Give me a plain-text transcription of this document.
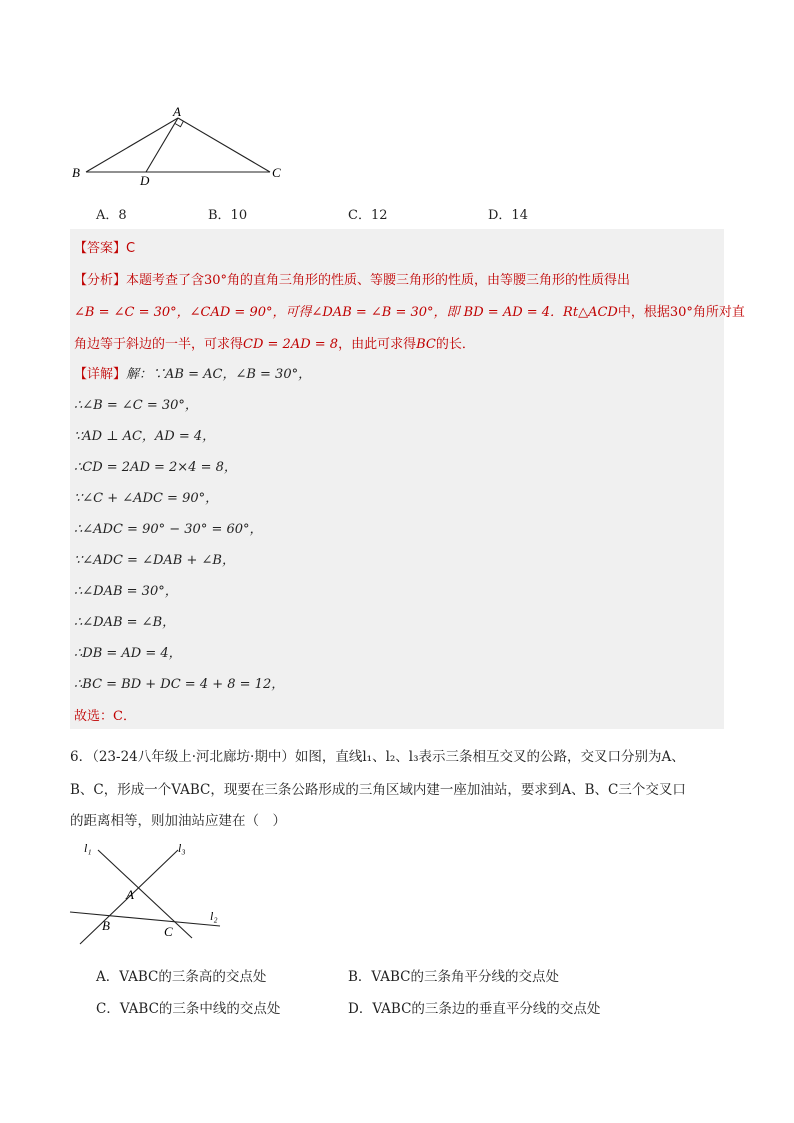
A
B	C
D
A．8	B．10	C．12	D．14
【答案】C
【分析】本题考查了含30°角的直角三角形的性质、等腰三角形的性质，由等腰三角形的性质得出
∠B = ∠C = 30°，∠CAD = 90°，可得∠DAB = ∠B = 30°，即 BD = AD = 4．Rt△ACD中，根据30°角所对直
角边等于斜边的一半，可求得CD = 2AD = 8，由此可求得BC的长．
【详解】解：∵AB = AC，∠B = 30°，
∴∠B = ∠C = 30°，
∵AD ⊥ AC，AD = 4，
∴CD = 2AD = 2×4 = 8，
∵∠C + ∠ADC = 90°，
∴∠ADC = 90° − 30° = 60°，
∵∠ADC = ∠DAB + ∠B，
∴∠DAB = 30°，
∴∠DAB = ∠B，
∴DB = AD = 4，
∴BC = BD + DC = 4 + 8 = 12，
故选：C．
6．（23-24八年级上·河北廊坊·期中）如图，直线l₁、l₂、l₃表示三条相互交叉的公路，交叉口分别为A、
B、C，形成一个VABC，现要在三条公路形成的三角区域内建一座加油站，要求到A、B、C三个交叉口
的距离相等，则加油站应建在（　）
l₁	l₃
l₂
A
B	C
A．VABC的三条高的交点处	B．VABC的三条角平分线的交点处
C．VABC的三条中线的交点处	D．VABC的三条边的垂直平分线的交点处
